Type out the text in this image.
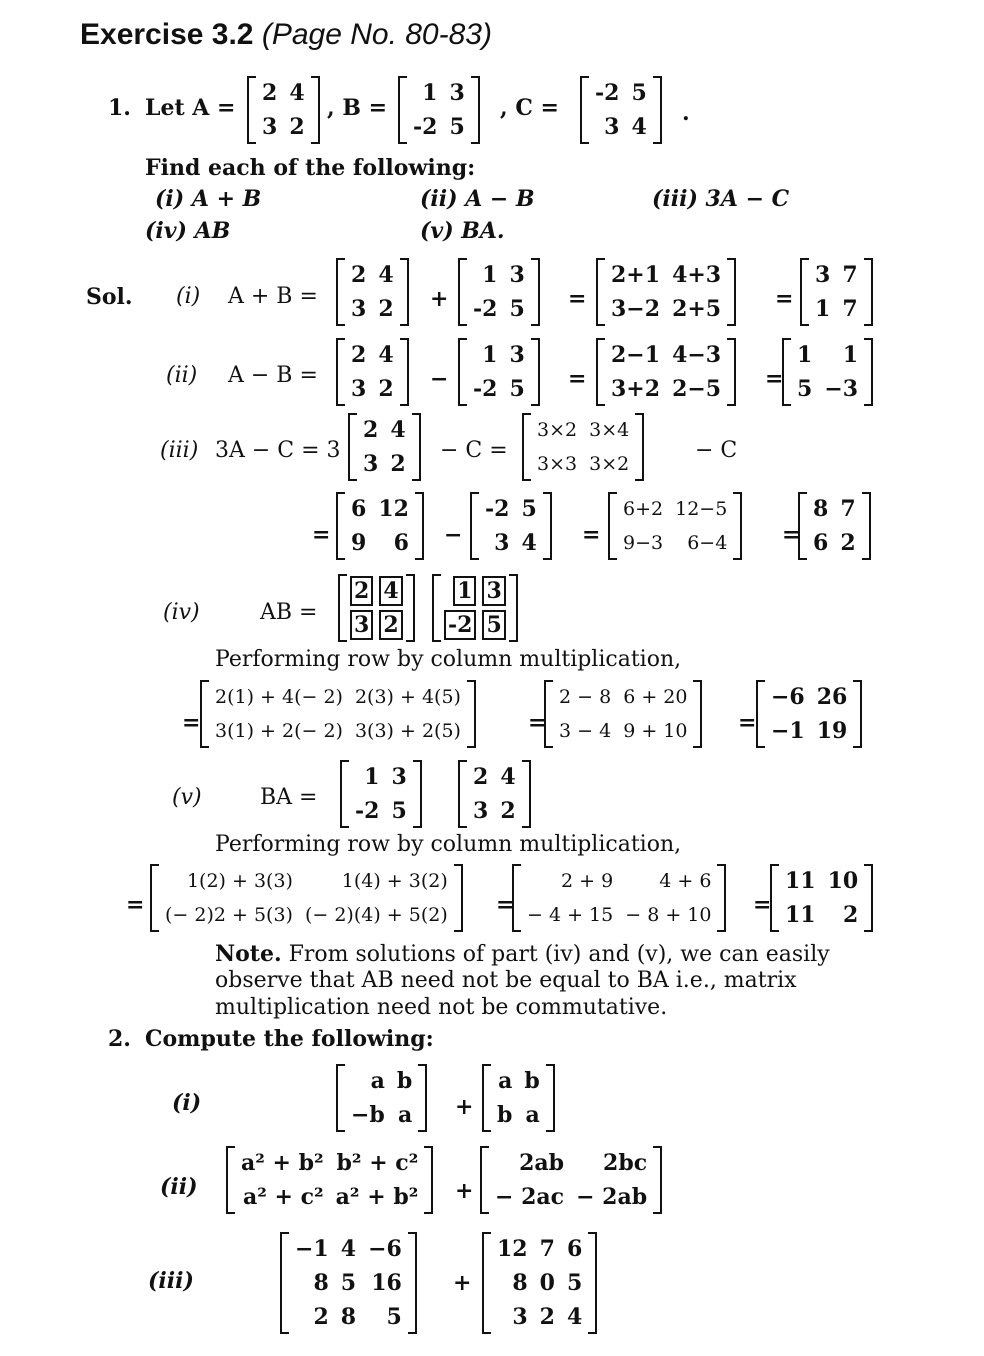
Exercise 3.2 (Page No. 80-83)
1. Let A =
2	4
3	2
, B =
1	3
-2	5
, C =
-2	5
3	4
.
Find each of the following:
(i) A + B	(ii) A − B	(iii) 3A − C
(iv) AB	(v) BA.
Sol. (i) A + B =
2	4
3	2 +
1	3
-2	5 =
2+1	4+3
3−2	2+5 =
3	7
1	7
(ii) A − B =
2	4
3	2 −
1	3
-2	5 =
2−1	4−3
3+2	2−5 =
1	1
5	−3
(iii) 3A − C = 3
2	4
3	2
− C =
3×2	3×4
3×3	3×2
− C
=
6	12
9	6 −
-2	5
3	4 =
6+2	12−5
9−3	6−4 =
8	7
6	2
(iv)	AB =
2	4
3	2
1	3
-2	5
Performing row by column multiplication,
=
2(1) + 4(− 2)	2(3) + 4(5)
3(1) + 2(− 2)	3(3) + 2(5)	=
2 − 8	6 + 20
3 − 4	9 + 10 =
−6	26
−1	19
(v)	BA =
1	3
-2	5
2	4
3	2
Performing row by column multiplication,
=
1(2) + 3(3)	1(4) + 3(2)
(− 2)2 + 5(3)	(− 2)(4) + 5(2) =
2 + 9	4 + 6
− 4 + 15	− 8 + 10 =
11	10
11	2
Note. From solutions of part (iv) and (v), we can easily
observe that AB need not be equal to BA i.e., matrix
multiplication need not be commutative.
2. Compute the following:
(i)
a	b
−b	a +
a	b
b	a
(ii)
a² + b²	b² + c²
a² + c²	a² + b² +
2ab	2bc
− 2ac	− 2ab
(iii)
−1	4	−6
8	5	16
2	8	5
+
12	7	6
8	0	5
3	2	4
